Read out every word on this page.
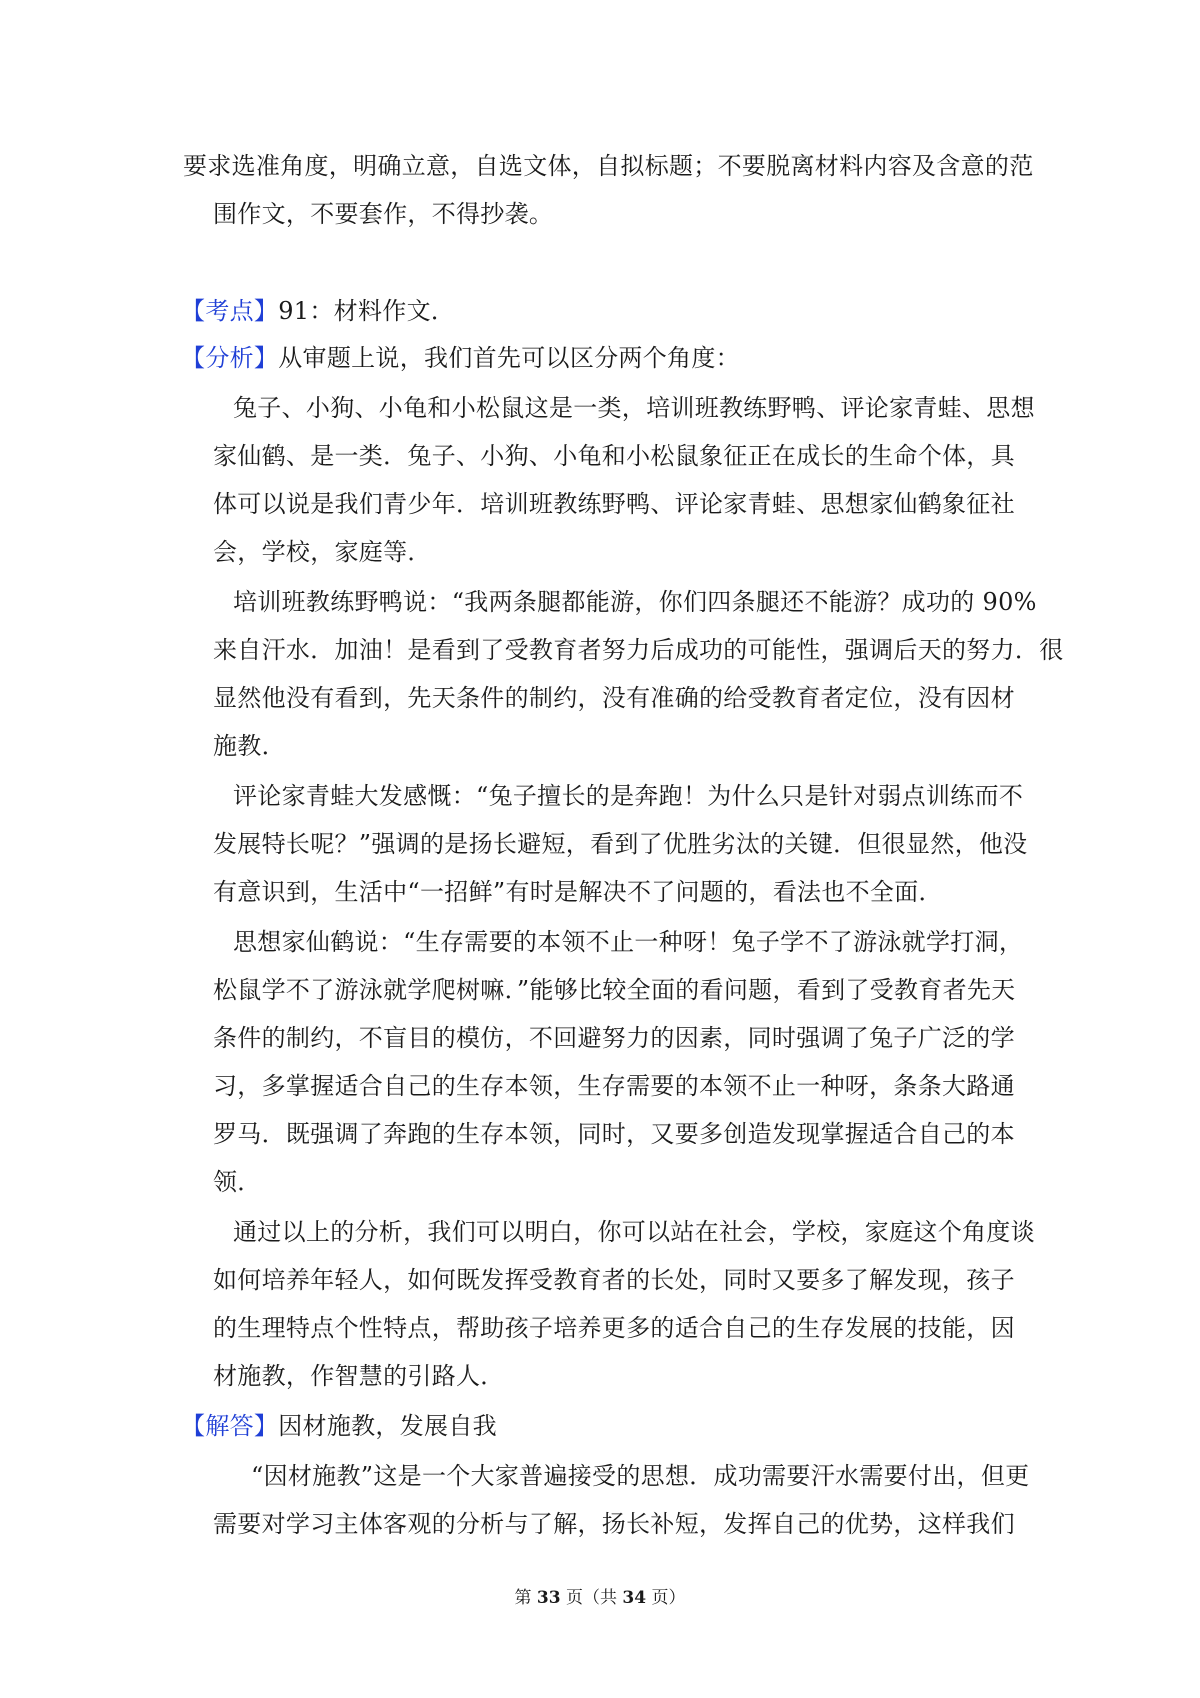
要求选准角度，明确立意，自选文体，自拟标题；不要脱离材料内容及含意的范
围作文，不要套作，不得抄袭。
【考点】91：材料作文．
【分析】从审题上说，我们首先可以区分两个角度：
兔子、小狗、小龟和小松鼠这是一类，培训班教练野鸭、评论家青蛙、思想
家仙鹤、是一类．兔子、小狗、小龟和小松鼠象征正在成长的生命个体，具
体可以说是我们青少年．培训班教练野鸭、评论家青蛙、思想家仙鹤象征社
会，学校，家庭等．
培训班教练野鸭说：“我两条腿都能游，你们四条腿还不能游？成功的 90%
来自汗水．加油！是看到了受教育者努力后成功的可能性，强调后天的努力．很
显然他没有看到，先天条件的制约，没有准确的给受教育者定位，没有因材
施教．
评论家青蛙大发感慨：“兔子擅长的是奔跑！为什么只是针对弱点训练而不
发展特长呢？”强调的是扬长避短，看到了优胜劣汰的关键．但很显然，他没
有意识到，生活中“一招鲜”有时是解决不了问题的，看法也不全面．
思想家仙鹤说：“生存需要的本领不止一种呀！兔子学不了游泳就学打洞，
松鼠学不了游泳就学爬树嘛．”能够比较全面的看问题，看到了受教育者先天
条件的制约，不盲目的模仿，不回避努力的因素，同时强调了兔子广泛的学
习，多掌握适合自己的生存本领，生存需要的本领不止一种呀，条条大路通
罗马．既强调了奔跑的生存本领，同时，又要多创造发现掌握适合自己的本
领．
通过以上的分析，我们可以明白，你可以站在社会，学校，家庭这个角度谈
如何培养年轻人，如何既发挥受教育者的长处，同时又要多了解发现，孩子
的生理特点个性特点，帮助孩子培养更多的适合自己的生存发展的技能，因
材施教，作智慧的引路人．
【解答】因材施教，发展自我
“因材施教”这是一个大家普遍接受的思想．成功需要汗水需要付出，但更
需要对学习主体客观的分析与了解，扬长补短，发挥自己的优势，这样我们
第 33 页（共 34 页）
